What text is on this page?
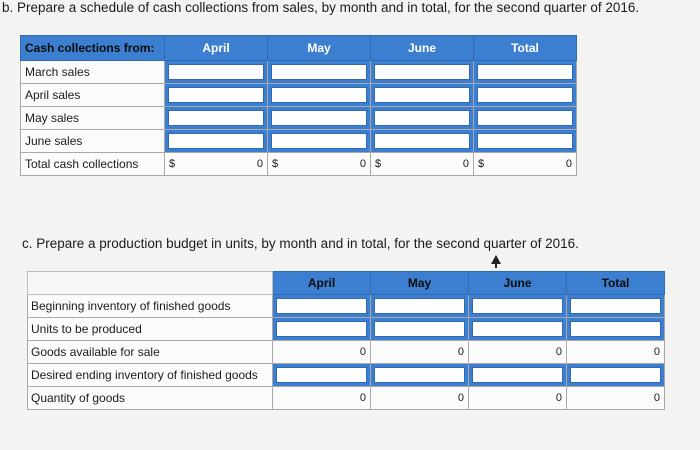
b. Prepare a schedule of cash collections from sales, by month and in total, for the second quarter of 2016.
Cash collections from:	April	May	June	Total
March sales	

April sales	

May sales	

June sales	

Total cash collections	$ 0	$ 0	$ 0	$ 0
c. Prepare a production budget in units, by month and in total, for the second quarter of 2016.
	April	May	June	Total
Beginning inventory of finished goods	

Units to be produced	

Goods available for sale	0	0	0	0
Desired ending inventory of finished goods	

Quantity of goods	0	0	0	0
